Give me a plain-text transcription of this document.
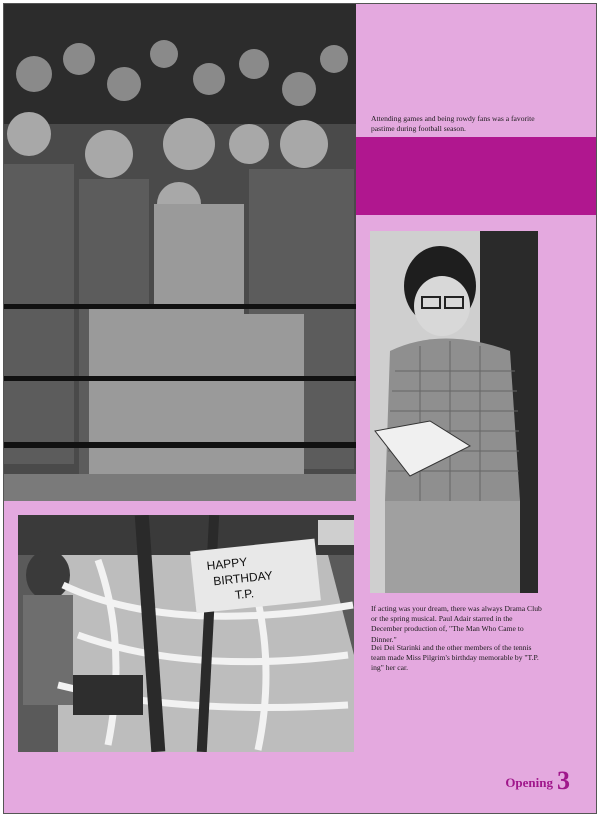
Attending games and being rowdy fans was a favorite pastime during football season.

HAPPY
BIRTHDAY
T.P.

If acting was your dream, there was always Drama Club or the spring musical. Paul Adair starred in the December production of, "The Man Who Came to Dinner."

Dei Dei Starinki and the other members of the tennis team made Miss Pilgrim's birthday memorable by "T.P. ing" her car.

Opening 3
